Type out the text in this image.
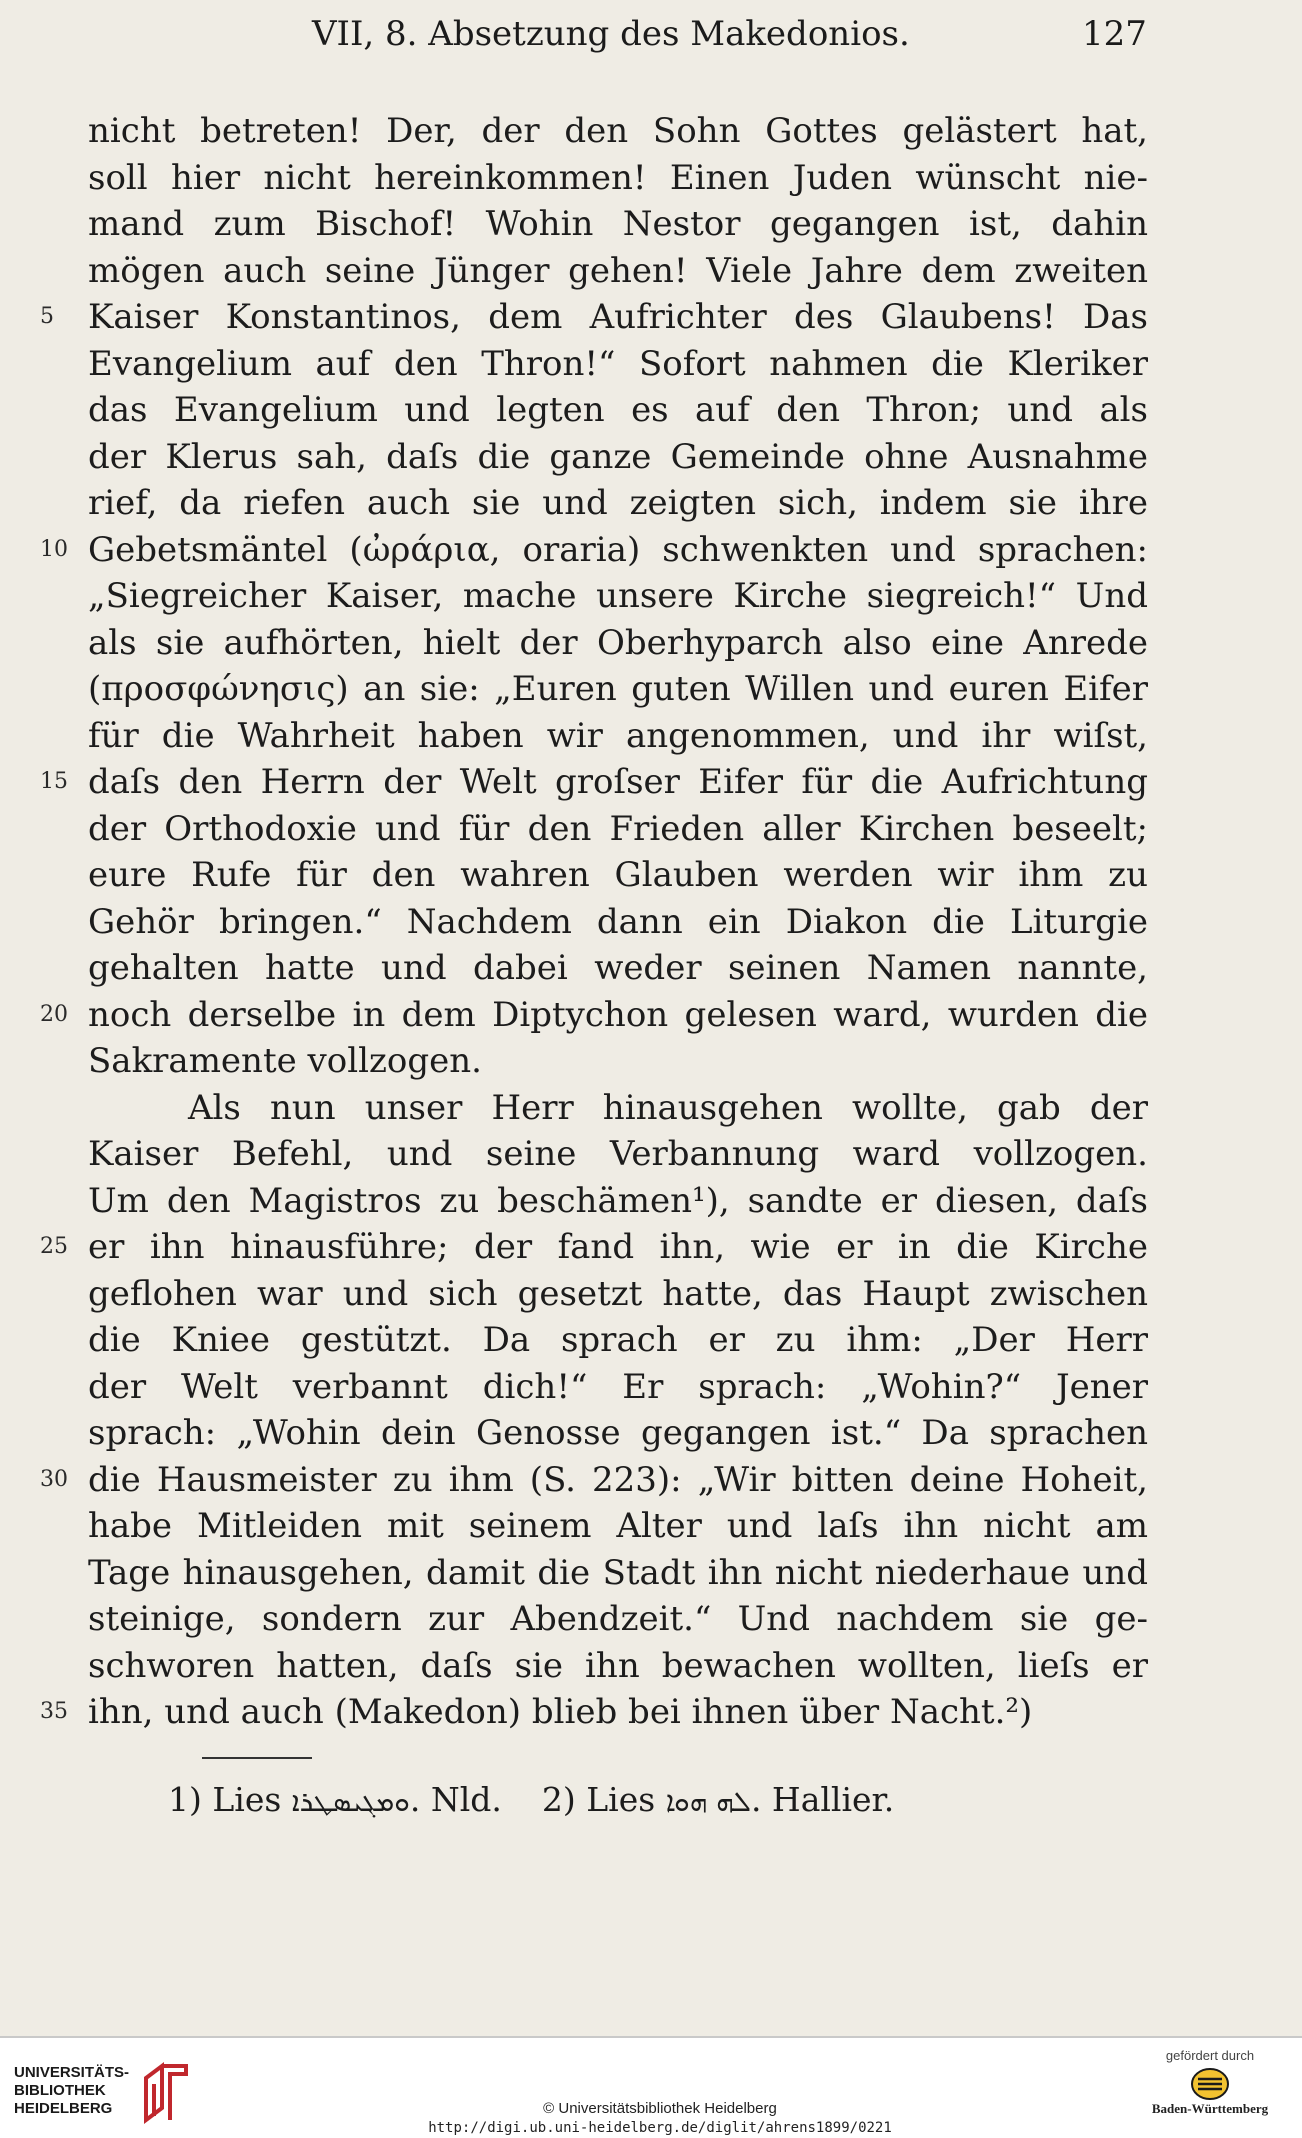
VII, 8. Absetzung des Makedonios.	127
nicht betreten! Der, der den Sohn Gottes gelästert hat,
soll hier nicht hereinkommen! Einen Juden wünscht nie-
mand zum Bischof! Wohin Nestor gegangen ist, dahin
mögen auch seine Jünger gehen! Viele Jahre dem zweiten
Kaiser Konstantinos, dem Aufrichter des Glaubens! Das
5
Evangelium auf den Thron!“ Sofort nahmen die Kleriker
das Evangelium und legten es auf den Thron; und als
der Klerus sah, daſs die ganze Gemeinde ohne Ausnahme
rief, da riefen auch sie und zeigten sich, indem sie ihre
Gebetsmäntel (ὠράρια, oraria) schwenkten und sprachen:
10
„Siegreicher Kaiser, mache unsere Kirche siegreich!“ Und
als sie aufhörten, hielt der Oberhyparch also eine Anrede
(προσφώνησις) an sie: „Euren guten Willen und euren Eifer
für die Wahrheit haben wir angenommen, und ihr wiſst,
daſs den Herrn der Welt groſser Eifer für die Aufrichtung
15
der Orthodoxie und für den Frieden aller Kirchen beseelt;
eure Rufe für den wahren Glauben werden wir ihm zu
Gehör bringen.“ Nachdem dann ein Diakon die Liturgie
gehalten hatte und dabei weder seinen Namen nannte,
noch derselbe in dem Diptychon gelesen ward, wurden die
20
Sakramente vollzogen.
Als nun unser Herr hinausgehen wollte, gab der
Kaiser Befehl, und seine Verbannung ward vollzogen.
Um den Magistros zu beschämen¹), sandte er diesen, daſs
er ihn hinausführe; der fand ihn, wie er in die Kirche
25
geflohen war und sich gesetzt hatte, das Haupt zwischen
die Kniee gestützt. Da sprach er zu ihm: „Der Herr
der Welt verbannt dich!“ Er sprach: „Wohin?“ Jener
sprach: „Wohin dein Genosse gegangen ist.“ Da sprachen
die Hausmeister zu ihm (S. 223): „Wir bitten deine Hoheit,
30
habe Mitleiden mit seinem Alter und laſs ihn nicht am
Tage hinausgehen, damit die Stadt ihn nicht niederhaue und
steinige, sondern zur Abendzeit.“ Und nachdem sie ge-
schworen hatten, daſs sie ihn bewachen wollten, lieſs er
ihn, und auch (Makedon) blieb bei ihnen über Nacht.²)
35
1) Lies ܘܡܓܝܣܛܪܐ. Nld. 2) Lies ܠܗ ܗܘܐ. Hallier.
UNIVERSITÄTS-
BIBLIOTHEK
HEIDELBERG	© Universitätsbibliothek Heidelberg
http://digi.ub.uni-heidelberg.de/diglit/ahrens1899/0221
gefördert durch
Baden-Württemberg
